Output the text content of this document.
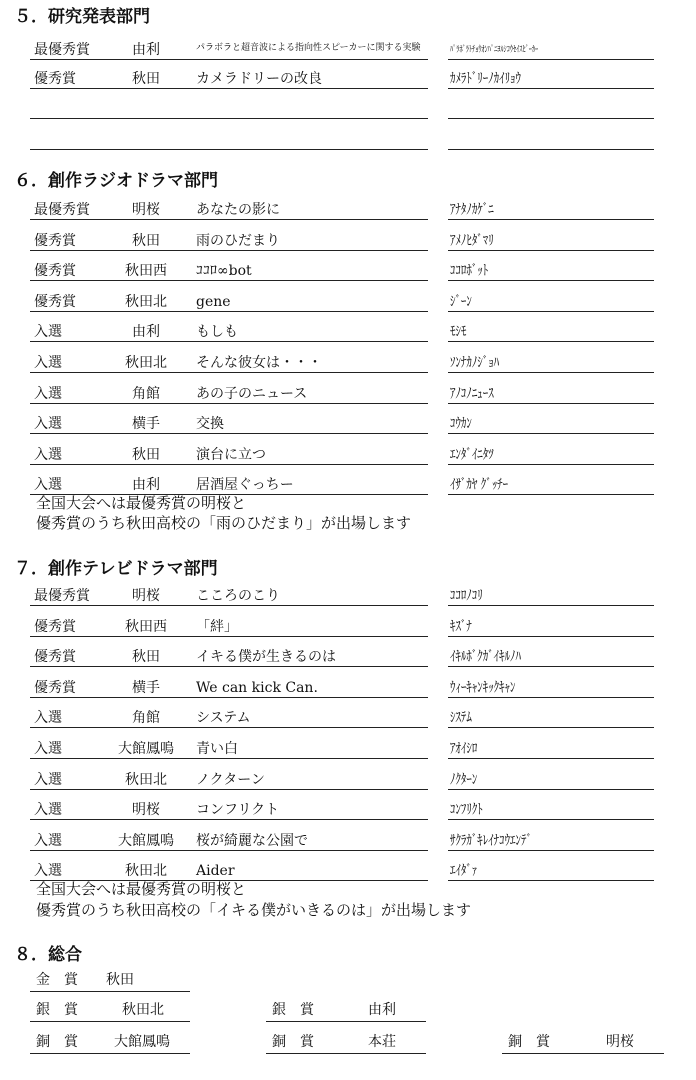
５．研究発表部門
最優秀賞	由利	パラボラと超音波による指向性スピーカーに関する実験	ﾊﾟﾗﾎﾞﾗﾄﾁｮｳｵﾝﾊﾟﾆﾖﾙｼｺｳｾｲｽﾋﾟｰｶｰ
優秀賞	秋田	カメラドリーの改良	ｶﾒﾗﾄﾞﾘｰﾉｶｲﾘｮｳ
６．創作ラジオドラマ部門
最優秀賞	明桜	あなたの影に	ｱﾅﾀﾉｶｹﾞﾆ
優秀賞	秋田	雨のひだまり	ｱﾒﾉﾋﾀﾞﾏﾘ
優秀賞	秋田西	ｺｺﾛ∞bot	ｺｺﾛﾎﾞｯﾄ
優秀賞	秋田北	gene	ｼﾞｰﾝ
入選	由利	もしも	ﾓｼﾓ
入選	秋田北	そんな彼女は・・・	ｿﾝﾅｶﾉｼﾞｮﾊ
入選	角館	あの子のニュース	ｱﾉｺﾉﾆｭｰｽ
入選	横手	交換	ｺｳｶﾝ
入選	秋田	演台に立つ	ｴﾝﾀﾞｲﾆﾀﾂ
入選	由利	居酒屋ぐっちー	ｲｻﾞｶﾔ ｸﾞｯﾁｰ
全国大会へは最優秀賞の明桜と
優秀賞のうち秋田高校の「雨のひだまり」が出場します
７．創作テレビドラマ部門
最優秀賞	明桜	こころのこり	ｺｺﾛﾉｺﾘ
優秀賞	秋田西	「絆」	ｷｽﾞﾅ
優秀賞	秋田	イキる僕が生きるのは	ｲｷﾙﾎﾞｸｶﾞｲｷﾙﾉﾊ
優秀賞	横手	We can kick Can.	ｳｨｰｷｬﾝｷｯｸｷｬﾝ
入選	角館	システム	ｼｽﾃﾑ
入選	大館鳳鳴	青い白	ｱｵｲｼﾛ
入選	秋田北	ノクターン	ﾉｸﾀｰﾝ
入選	明桜	コンフリクト	ｺﾝﾌﾘｸﾄ
入選	大館鳳鳴	桜が綺麗な公園で	ｻｸﾗｶﾞｷﾚｲﾅｺｳｴﾝﾃﾞ
入選	秋田北	Aider	ｴｲﾀﾞｧ
全国大会へは最優秀賞の明桜と
優秀賞のうち秋田高校の「イキる僕がいきるのは」が出場します
８．総合
金　賞 秋田
銀　賞	秋田北	銀　賞	由利
銅　賞	大館鳳鳴	銅　賞	本荘	銅　賞	明桜
